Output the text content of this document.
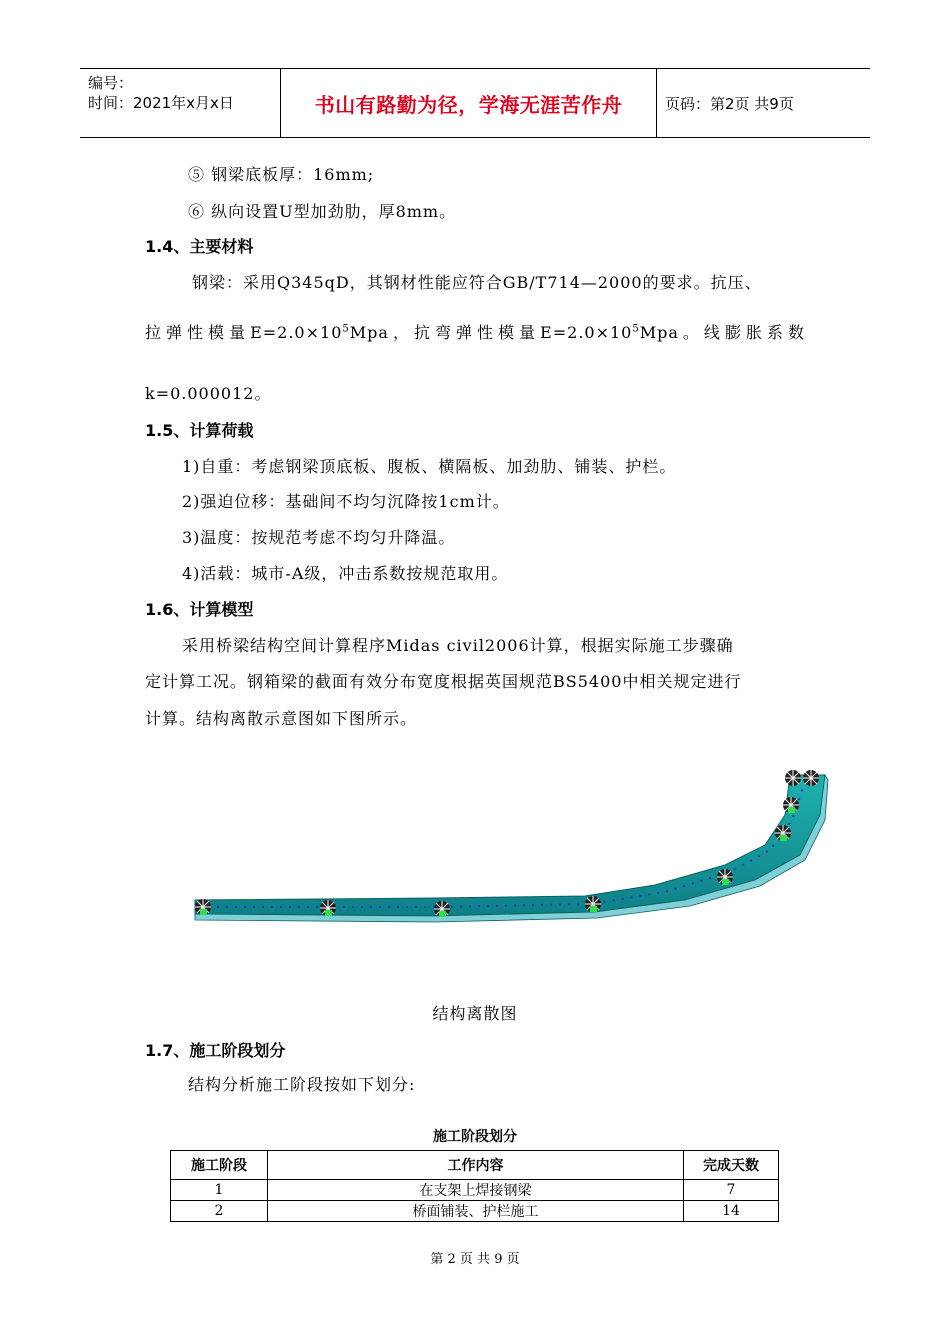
编号：
时间：2021年x月x日	书山有路勤为径，学海无涯苦作舟	页码：第2页 共9页
⑤ 钢梁底板厚：16mm;
⑥ 纵向设置U型加劲肋，厚8mm。
1.4、主要材料
钢梁：采用Q345qD，其钢材性能应符合GB/T714—2000的要求。抗压、
拉弹性模量$E=2.0\times 10^5Mpa$，抗弯弹性模量$E=2.0\times 10^5Mpa$。线膨胀系数
k=0.000012。
1.5、计算荷载
1)自重：考虑钢梁顶底板、腹板、横隔板、加劲肋、铺装、护栏。
2)强迫位移：基础间不均匀沉降按1cm计。
3)温度：按规范考虑不均匀升降温。
4)活载：城市-A级，冲击系数按规范取用。
1.6、计算模型
采用桥梁结构空间计算程序Midas civil2006计算，根据实际施工步骤确
定计算工况。钢箱梁的截面有效分布宽度根据英国规范BS5400中相关规定进行
计算。结构离散示意图如下图所示。
结构离散图
1.7、施工阶段划分
结构分析施工阶段按如下划分:
施工阶段划分
施工阶段	工作内容	完成天数
1	在支架上焊接钢梁	7
2	桥面铺装、护栏施工	14
第 2 页 共 9 页
